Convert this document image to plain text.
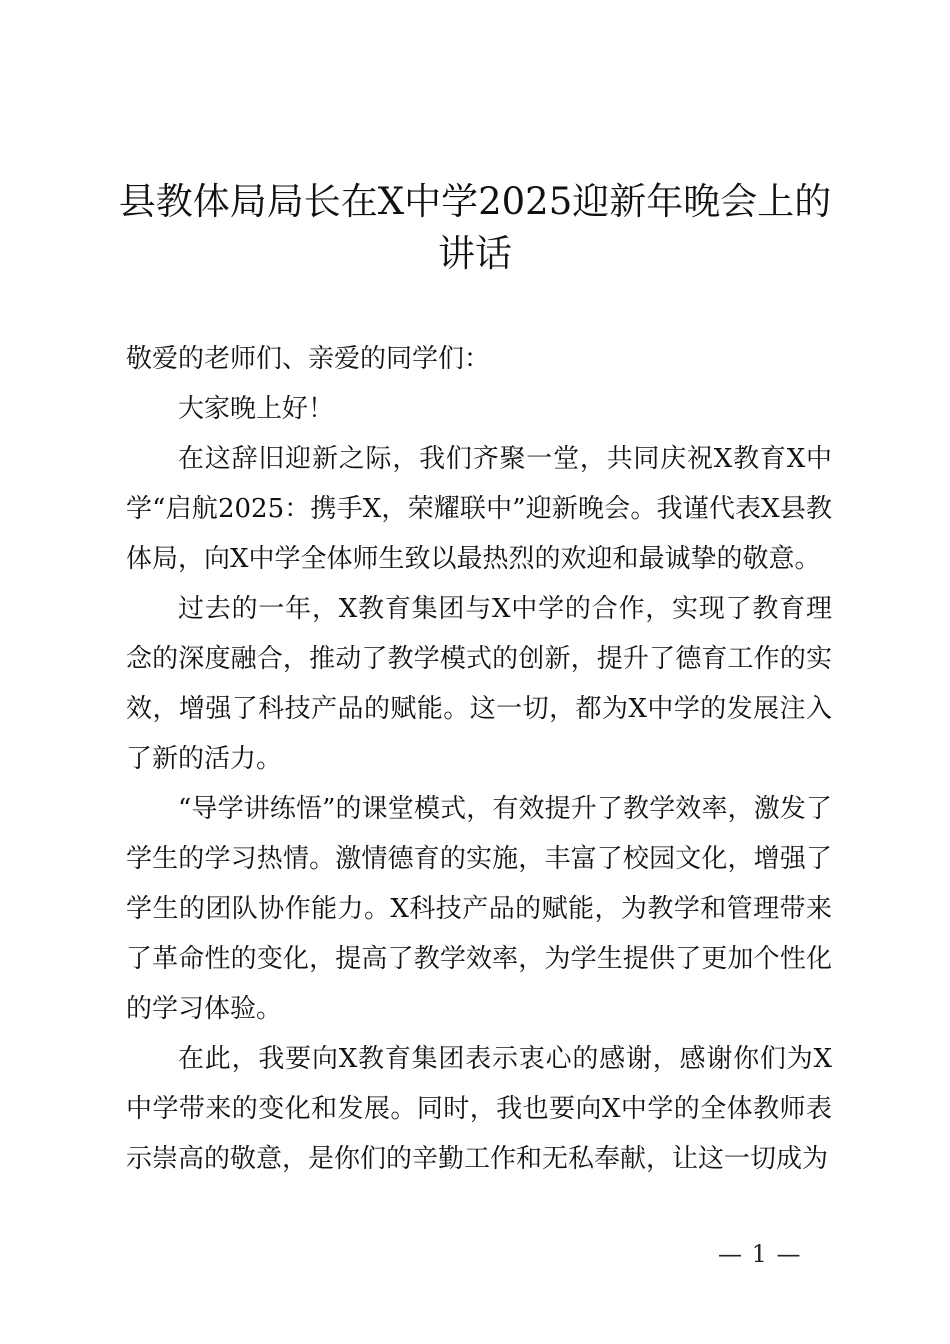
县教体局局长在X中学2025迎新年晚会上的讲话

敬爱的老师们、亲爱的同学们：

大家晚上好！

在这辞旧迎新之际，我们齐聚一堂，共同庆祝X教育X中学“启航2025：携手X，荣耀联中”迎新晚会。我谨代表X县教体局，向X中学全体师生致以最热烈的欢迎和最诚挚的敬意。

过去的一年，X教育集团与X中学的合作，实现了教育理念的深度融合，推动了教学模式的创新，提升了德育工作的实效，增强了科技产品的赋能。这一切，都为X中学的发展注入了新的活力。

“导学讲练悟”的课堂模式，有效提升了教学效率，激发了学生的学习热情。激情德育的实施，丰富了校园文化，增强了学生的团队协作能力。X科技产品的赋能，为教学和管理带来了革命性的变化，提高了教学效率，为学生提供了更加个性化的学习体验。

在此，我要向X教育集团表示衷心的感谢，感谢你们为X中学带来的变化和发展。同时，我也要向X中学的全体教师表示崇高的敬意，是你们的辛勤工作和无私奉献，让这一切成为

— 1 —
